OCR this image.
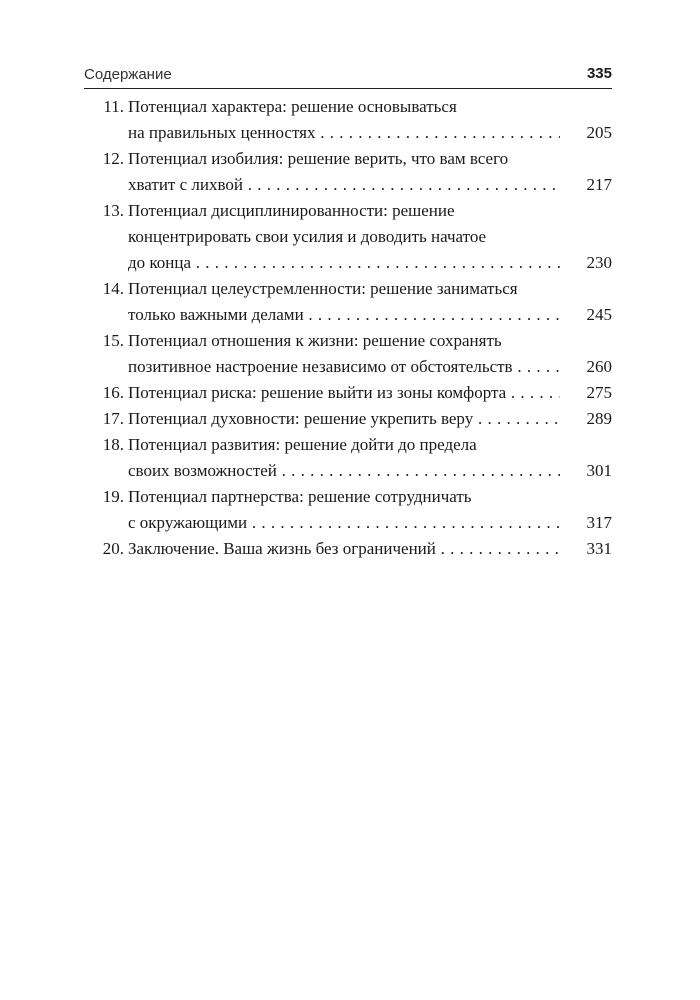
Содержание	335
11. Потенциал характера: решение основываться
на правильных ценностях . . .	205
12. Потенциал изобилия: решение верить, что вам всего
хватит с лихвой . . .	217
13. Потенциал дисциплинированности: решение
концентрировать свои усилия и доводить начатое
до конца . . .	230
14. Потенциал целеустремленности: решение заниматься
только важными делами . . .	245
15. Потенциал отношения к жизни: решение сохранять
позитивное настроение независимо от обстоятельств . . .	260
16. Потенциал риска: решение выйти из зоны комфорта . . .	275
17. Потенциал духовности: решение укрепить веру . . .	289
18. Потенциал развития: решение дойти до предела
своих возможностей . . .	301
19. Потенциал партнерства: решение сотрудничать
с окружающими . . .	317
20. Заключение. Ваша жизнь без ограничений . . .	331
